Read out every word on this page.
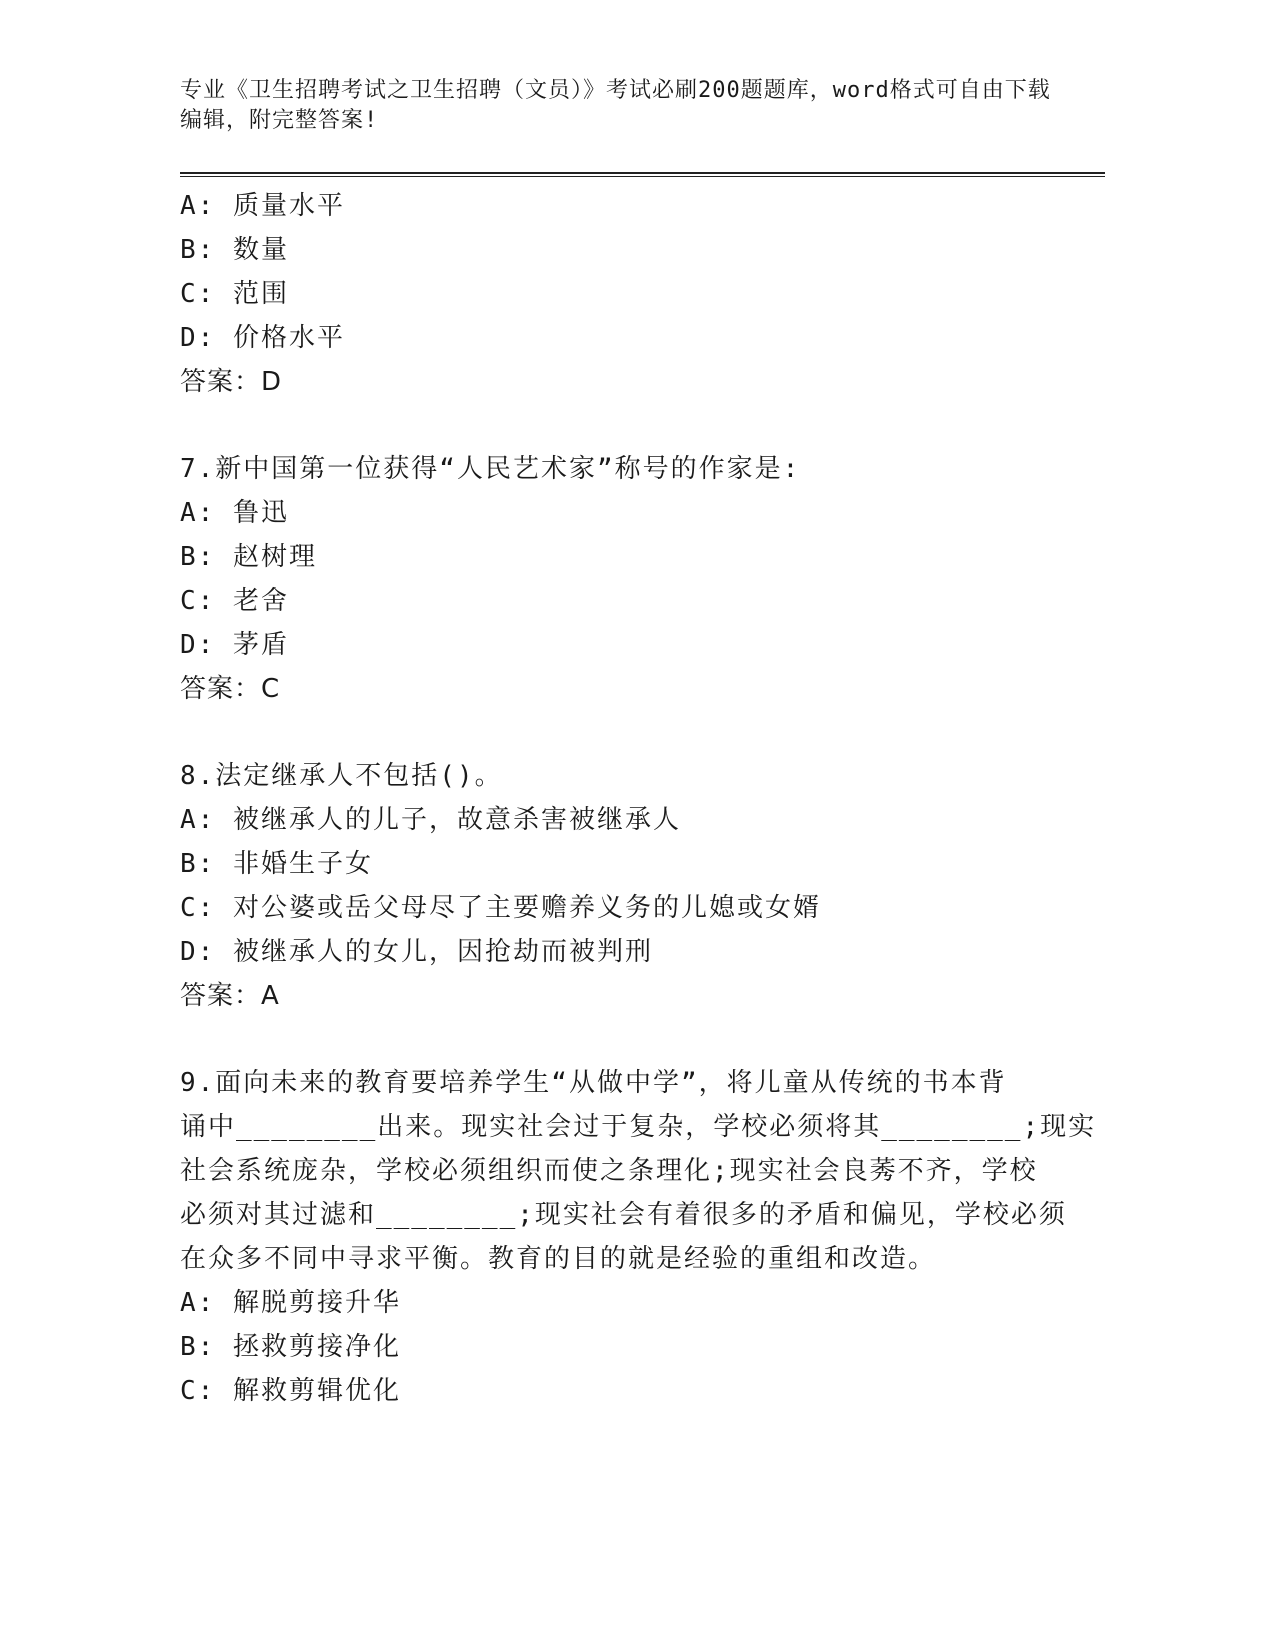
专业《卫生招聘考试之卫生招聘（文员）》考试必刷200题题库，word格式可自由下载编辑，附完整答案!
A: 质量水平
B: 数量
C: 范围
D: 价格水平
答案：D
7.新中国第一位获得“人民艺术家”称号的作家是:
A: 鲁迅
B: 赵树理
C: 老舍
D: 茅盾
答案：C
8.法定继承人不包括()。
A: 被继承人的儿子，故意杀害被继承人
B: 非婚生子女
C: 对公婆或岳父母尽了主要赡养义务的儿媳或女婿
D: 被继承人的女儿，因抢劫而被判刑
答案：A
9.面向未来的教育要培养学生“从做中学”，将儿童从传统的书本背
诵中________出来。现实社会过于复杂，学校必须将其________;现实
社会系统庞杂，学校必须组织而使之条理化;现实社会良莠不齐，学校
必须对其过滤和________;现实社会有着很多的矛盾和偏见，学校必须
在众多不同中寻求平衡。教育的目的就是经验的重组和改造。
A: 解脱剪接升华
B: 拯救剪接净化
C: 解救剪辑优化
